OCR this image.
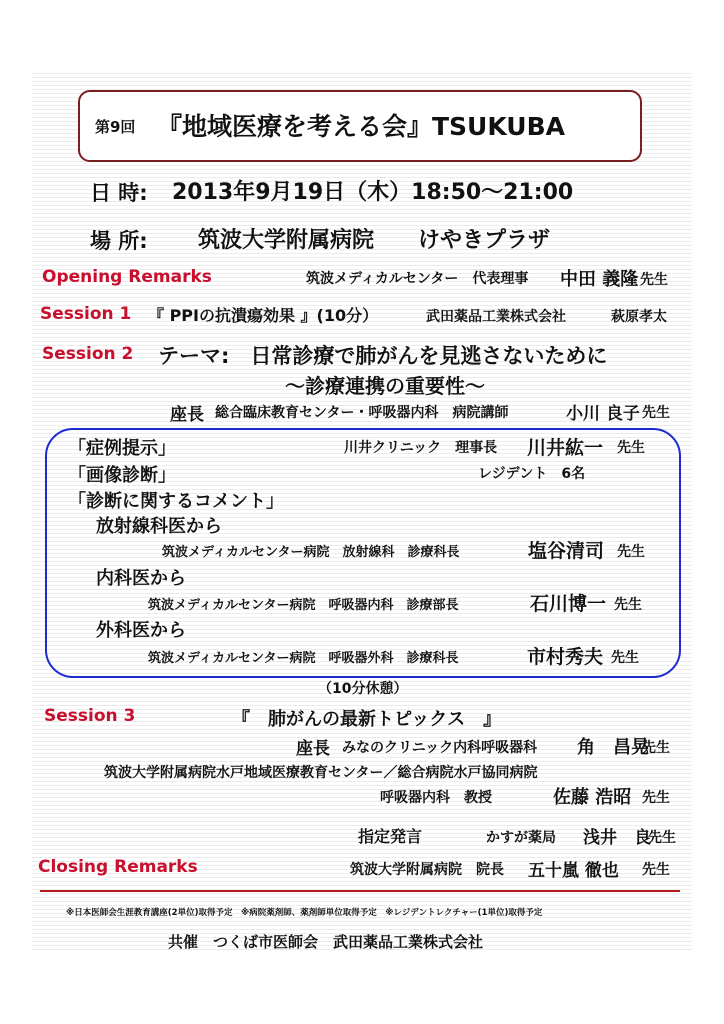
第9回 『地域医療を考える会』TSUKUBA
日 時: 2013年9月19日（木）18:50〜21:00
場 所: 筑波大学附属病院　　けやきプラザ
Opening Remarks	筑波メディカルセンター　代表理事 中田 義隆 先生
Session 1 『 PPIの抗潰瘍効果 』(10分）	武田薬品工業株式会社	萩原孝太
Session 2 テーマ:　日常診療で肺がんを見逃さないために
〜診療連携の重要性〜
座長 総合臨床教育センター・呼吸器内科　病院講師	小川 良子 先生
「症例提示」	川井クリニック　理事長 川井紘一 先生
「画像診断」	レジデント　6名
「診断に関するコメント」
放射線科医から
筑波メディカルセンター病院　放射線科　診療科長	塩谷清司 先生
内科医から
筑波メディカルセンター病院　呼吸器内科　診療部長	石川博一 先生
外科医から
筑波メディカルセンター病院　呼吸器外科　診療科長	市村秀夫 先生
（10分休憩）
Session 3	『　肺がんの最新トピックス　』
座長 みなのクリニック内科呼吸器科 角　昌晃
先生
筑波大学附属病院水戸地域医療教育センター／総合病院水戸協同病院
呼吸器内科　教授	佐藤 浩昭 先生
指定発言	かすが薬局 浅井　良
先生
Closing Remarks	筑波大学附属病院　院長 五十嵐 徹也 先生
※日本医師会生涯教育講座(2単位)取得予定　※病院薬剤師、薬剤師単位取得予定　※レジデントレクチャー(1単位)取得予定
共催　つくば市医師会　武田薬品工業株式会社
